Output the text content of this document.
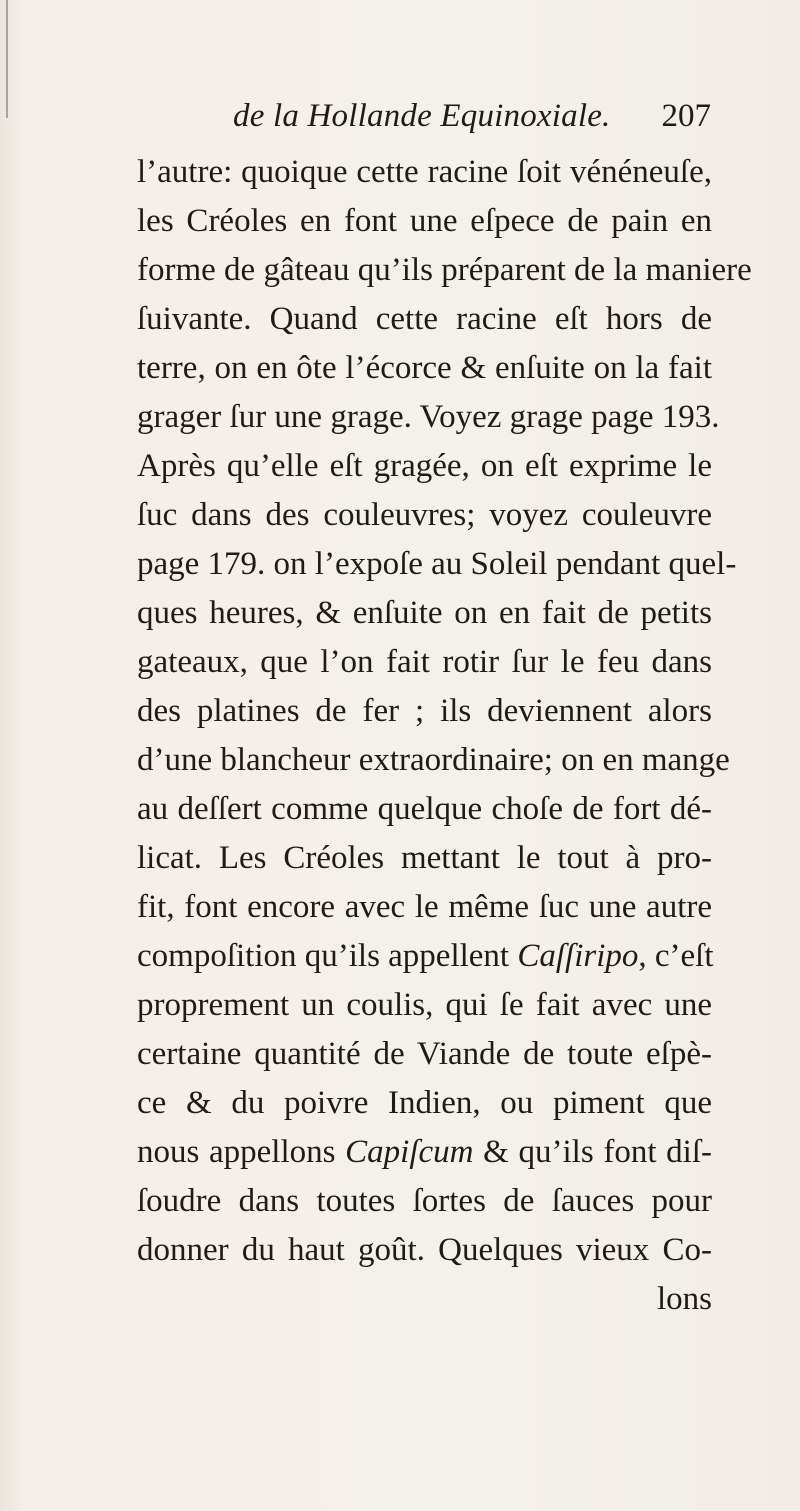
de la Hollande Equinoxiale. 207
l’autre: quoique cette racine ſoit vénéneuſe,
les Créoles en font une eſpece de pain en
forme de gâteau qu’ils préparent de la maniere
ſuivante. Quand cette racine eſt hors de
terre, on en ôte l’écorce & enſuite on la fait
grager ſur une grage. Voyez grage page 193.
Après qu’elle eſt gragée, on eſt exprime le
ſuc dans des couleuvres; voyez couleuvre
page 179. on l’expoſe au Soleil pendant quel-
ques heures, & enſuite on en fait de petits
gateaux, que l’on fait rotir ſur le feu dans
des platines de fer ; ils deviennent alors
d’une blancheur extraordinaire; on en mange
au deſſert comme quelque choſe de fort dé-
licat. Les Créoles mettant le tout à pro-
fit, font encore avec le même ſuc une autre
compoſition qu’ils appellent Caſſiripo, c’eſt
proprement un coulis, qui ſe fait avec une
certaine quantité de Viande de toute eſpè-
ce & du poivre Indien, ou piment que
nous appellons Capiſcum & qu’ils font diſ-
ſoudre dans toutes ſortes de ſauces pour
donner du haut goût. Quelques vieux Co-
lons
